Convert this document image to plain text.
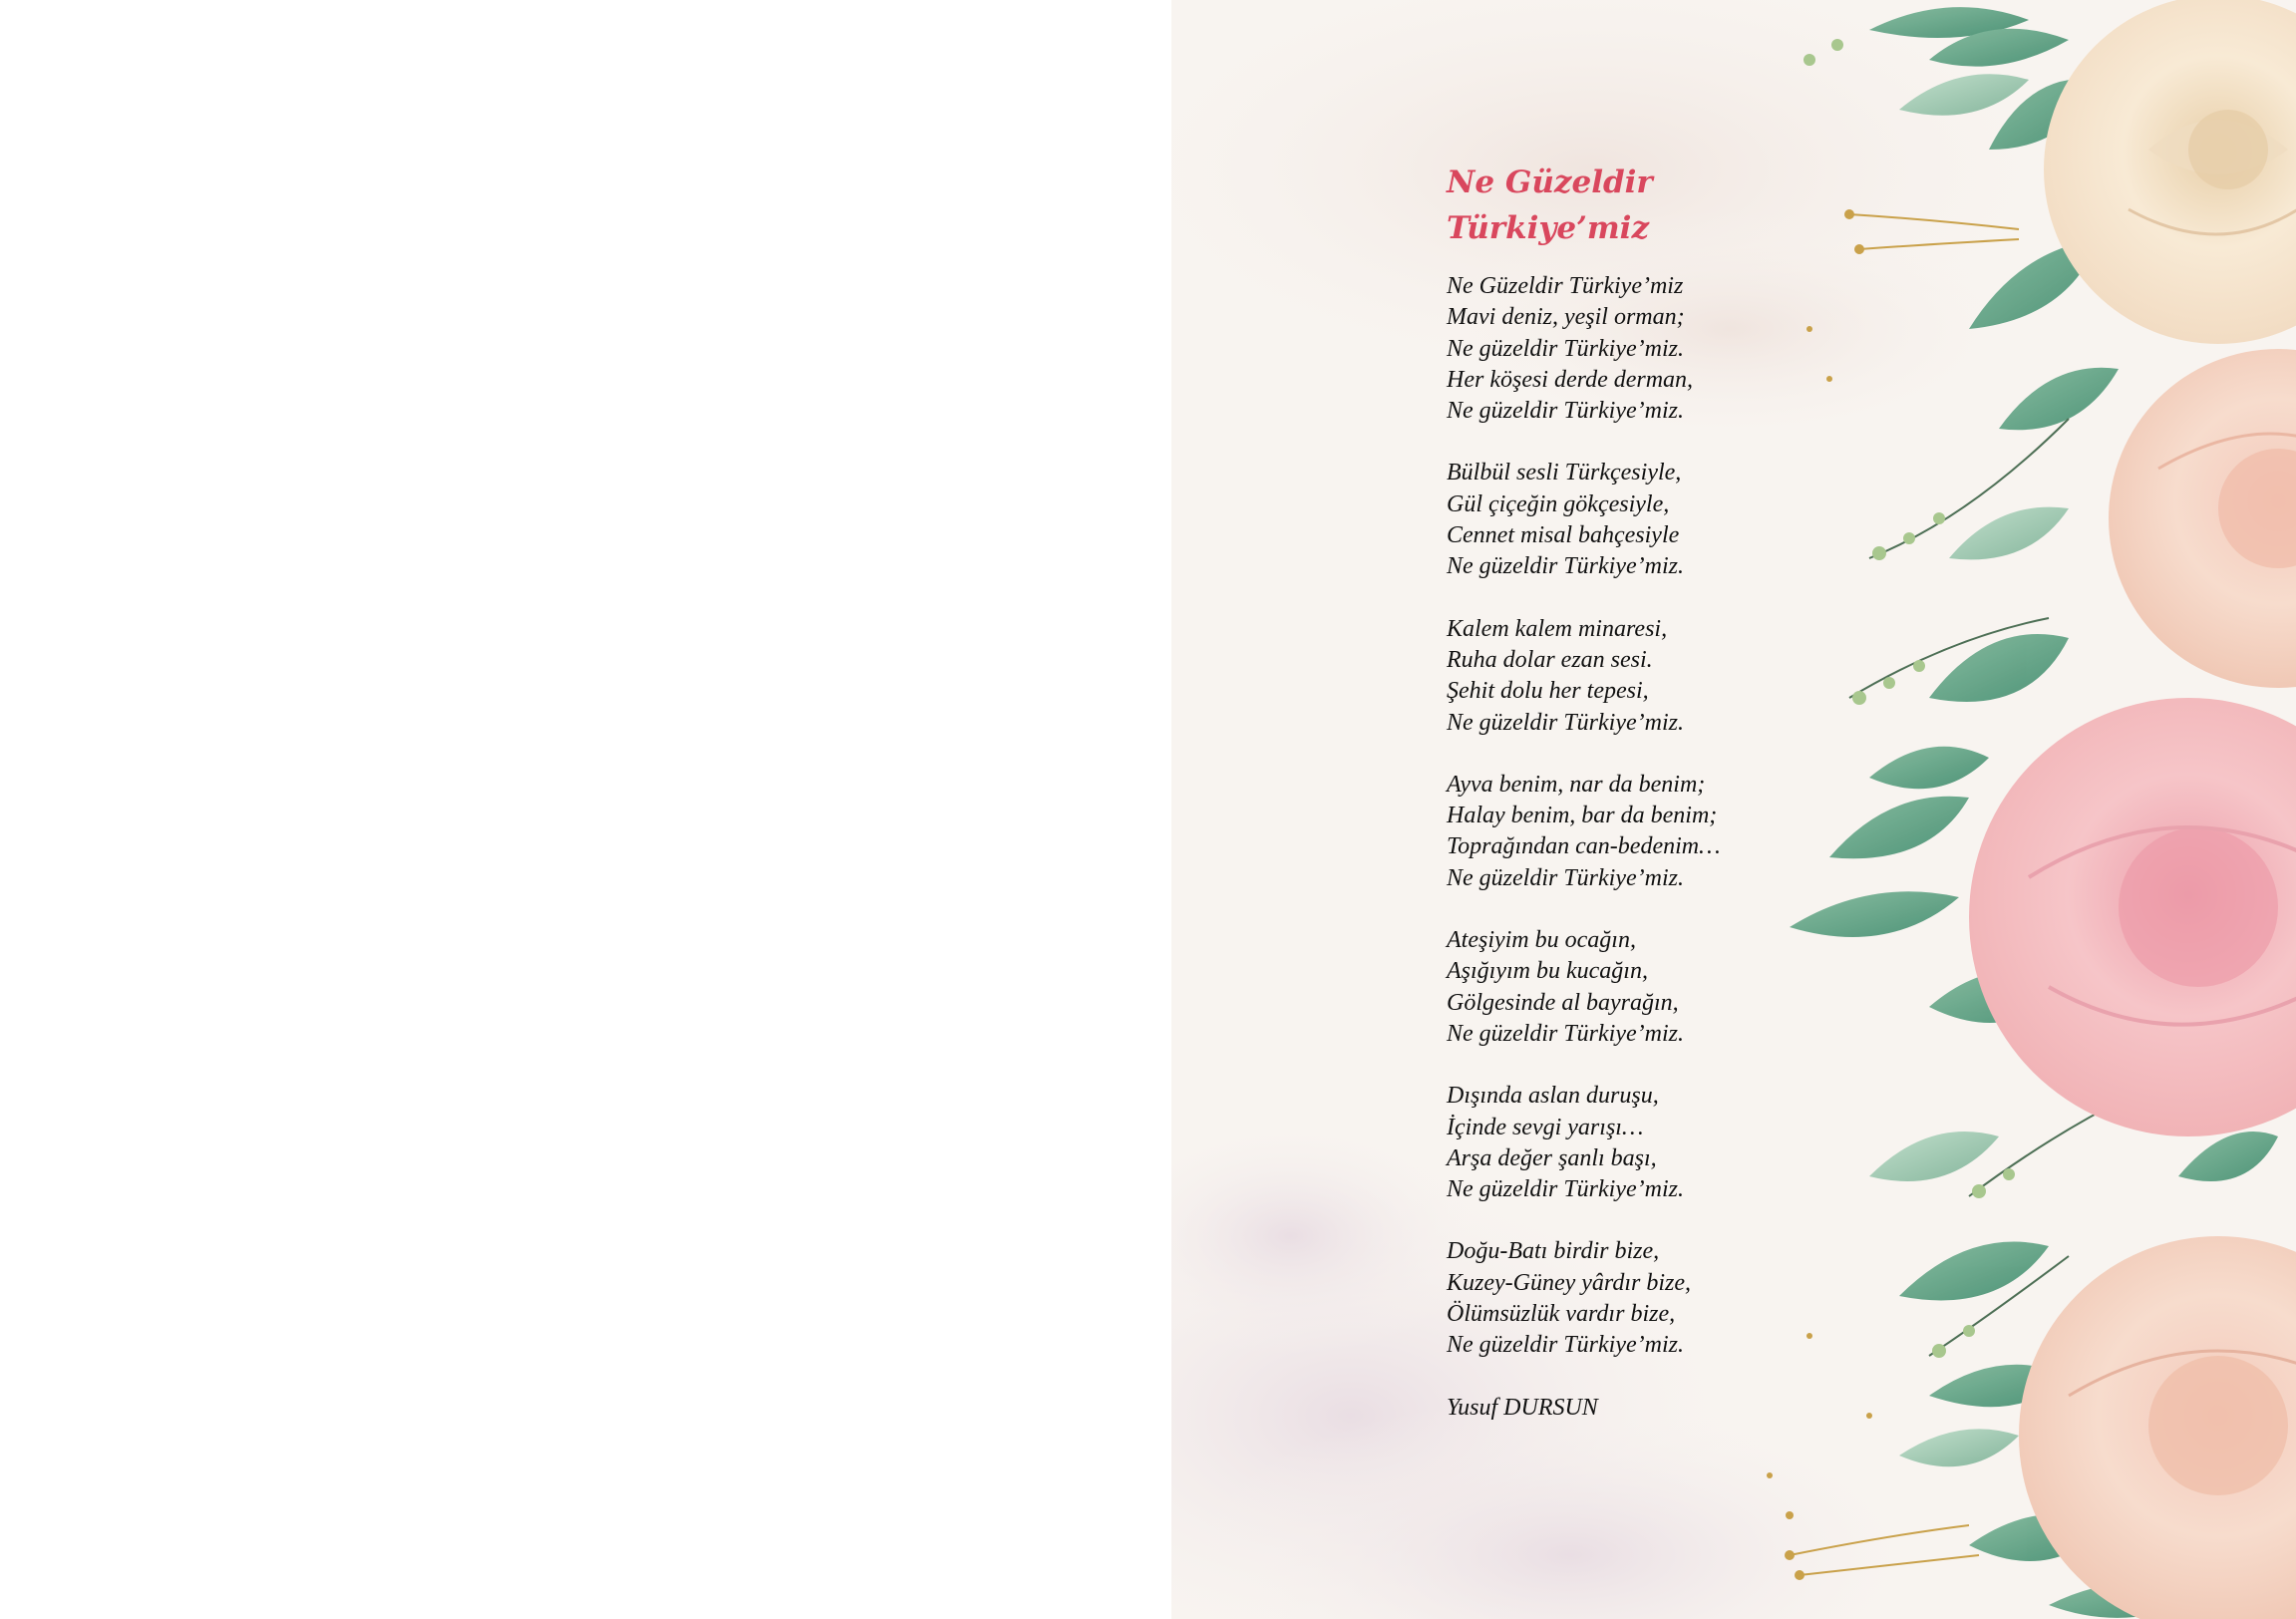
Ne Güzeldir
Türkiye’miz
Ne Güzeldir Türkiye’miz
Mavi deniz, yeşil orman;
Ne güzeldir Türkiye’miz.
Her köşesi derde derman,
Ne güzeldir Türkiye’miz.
Bülbül sesli Türkçesiyle,
Gül çiçeğin gökçesiyle,
Cennet misal bahçesiyle
Ne güzeldir Türkiye’miz.
Kalem kalem minaresi,
Ruha dolar ezan sesi.
Şehit dolu her tepesi,
Ne güzeldir Türkiye’miz.
Ayva benim, nar da benim;
Halay benim, bar da benim;
Toprağından can-bedenim…
Ne güzeldir Türkiye’miz.
Ateşiyim bu ocağın,
Aşığıyım bu kucağın,
Gölgesinde al bayrağın,
Ne güzeldir Türkiye’miz.
Dışında aslan duruşu,
İçinde sevgi yarışı…
Arşa değer şanlı başı,
Ne güzeldir Türkiye’miz.
Doğu-Batı birdir bize,
Kuzey-Güney yârdır bize,
Ölümsüzlük vardır bize,
Ne güzeldir Türkiye’miz.
Yusuf DURSUN
